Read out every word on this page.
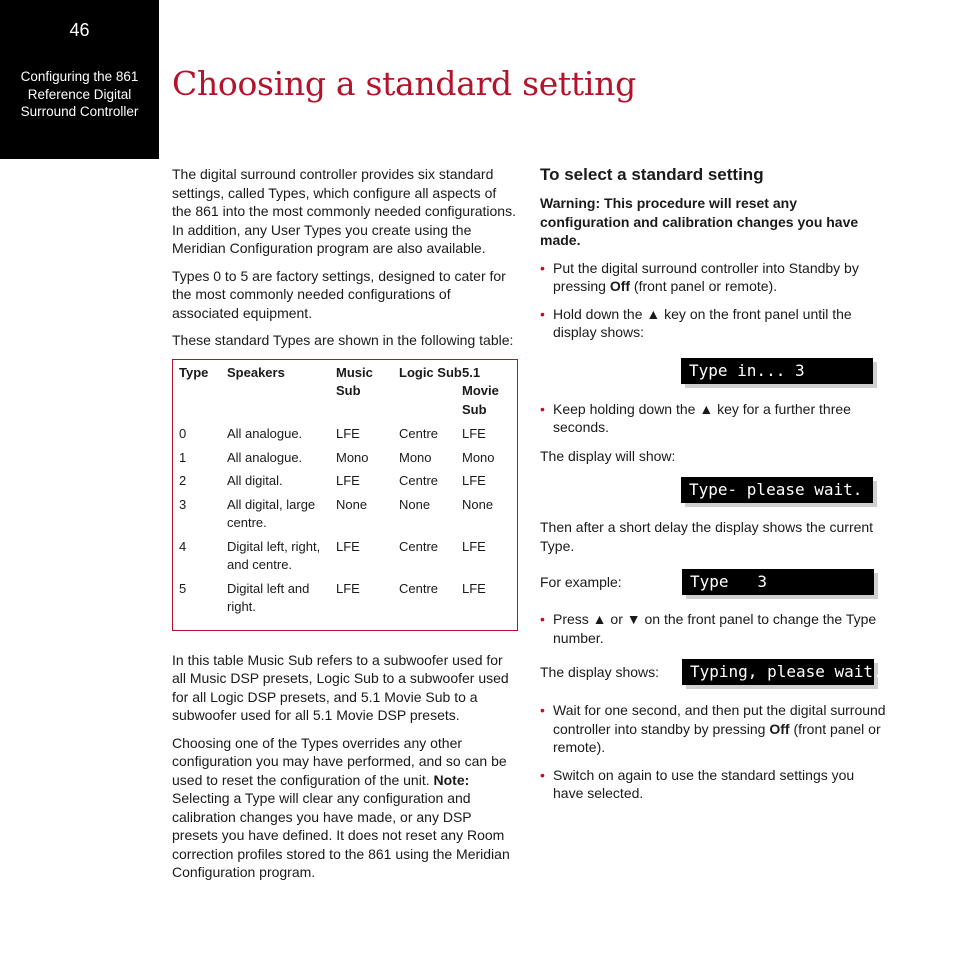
46
Configuring the 861
Reference Digital
Surround Controller
Choosing a standard setting

The digital surround controller provides six standard settings, called Types, which configure all aspects of the 861 into the most commonly needed configurations. In addition, any User Types you create using the Meridian Configuration program are also available.

Types 0 to 5 are factory settings, designed to cater for the most commonly needed configurations of associated equipment.

These standard Types are shown in the following table:

Type	Speakers	Music Sub	Logic Sub	5.1 Movie Sub
0	All analogue.	LFE	Centre	LFE
1	All analogue.	Mono	Mono	Mono
2	All digital.	LFE	Centre	LFE
3	All digital, large centre.	None	None	None
4	Digital left, right, and centre.	LFE	Centre	LFE
5	Digital left and right.	LFE	Centre	LFE

In this table Music Sub refers to a subwoofer used for all Music DSP presets, Logic Sub to a subwoofer used for all Logic DSP presets, and 5.1 Movie Sub to a subwoofer used for all 5.1 Movie DSP presets.

Choosing one of the Types overrides any other configuration you may have performed, and so can be used to reset the configuration of the unit. Note: Selecting a Type will clear any configuration and calibration changes you have made, or any DSP presets you have defined. It does not reset any Room correction profiles stored to the 861 using the Meridian Configuration program.

To select a standard setting

Warning: This procedure will reset any configuration and calibration changes you have made.

• Put the digital surround controller into Standby by pressing Off (front panel or remote).

• Hold down the ▲ key on the front panel until the display shows:

Type in... 3
• Keep holding down the ▲ key for a further three seconds.

The display will show:

Type- please wait.

Then after a short delay the display shows the current Type.

For example:	Type   3
• Press ▲ or ▼ on the front panel to change the Type number.

The display shows:	Typing, please wait.
• Wait for one second, and then put the digital surround controller into standby by pressing Off (front panel or remote).

• Switch on again to use the standard settings you have selected.
